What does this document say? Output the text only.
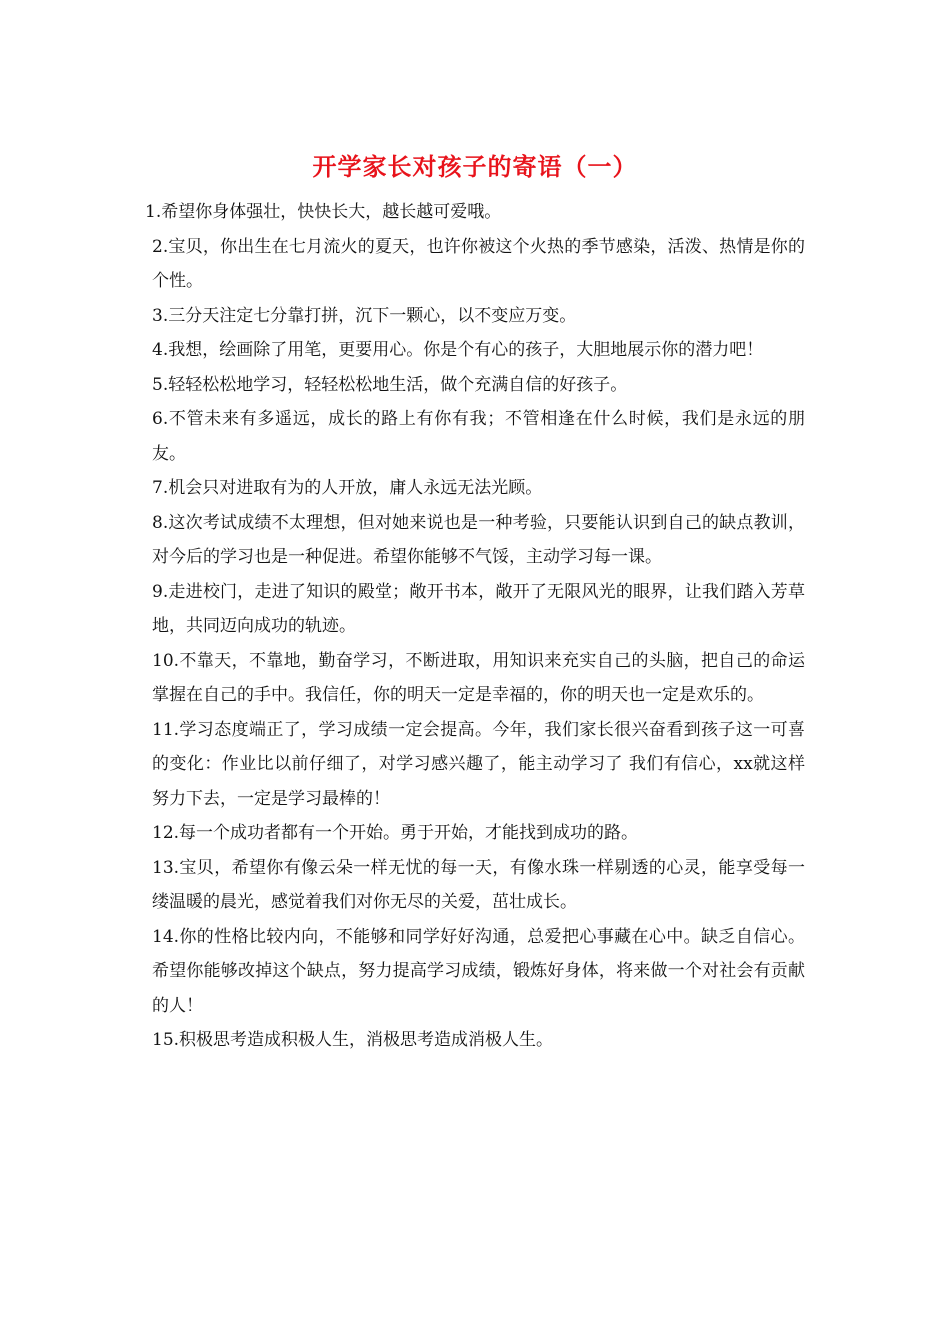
开学家长对孩子的寄语（一）

1.希望你身体强壮，快快长大，越长越可爱哦。

2.宝贝，你出生在七月流火的夏天，也许你被这个火热的季节感染，活泼、热情是你的个性。

3.三分天注定七分靠打拼，沉下一颗心，以不变应万变。

4.我想，绘画除了用笔，更要用心。你是个有心的孩子，大胆地展示你的潜力吧！

5.轻轻松松地学习，轻轻松松地生活，做个充满自信的好孩子。

6.不管未来有多遥远，成长的路上有你有我；不管相逢在什么时候，我们是永远的朋友。

7.机会只对进取有为的人开放，庸人永远无法光顾。

8.这次考试成绩不太理想，但对她来说也是一种考验，只要能认识到自己的缺点教训，对今后的学习也是一种促进。希望你能够不气馁，主动学习每一课。

9.走进校门，走进了知识的殿堂；敞开书本，敞开了无限风光的眼界，让我们踏入芳草地，共同迈向成功的轨迹。

10.不靠天，不靠地，勤奋学习，不断进取，用知识来充实自己的头脑，把自己的命运掌握在自己的手中。我信任，你的明天一定是幸福的，你的明天也一定是欢乐的。

11.学习态度端正了，学习成绩一定会提高。今年，我们家长很兴奋看到孩子这一可喜的变化：作业比以前仔细了，对学习感兴趣了，能主动学习了 我们有信心，xx就这样努力下去，一定是学习最棒的！

12.每一个成功者都有一个开始。勇于开始，才能找到成功的路。

13.宝贝，希望你有像云朵一样无忧的每一天，有像水珠一样剔透的心灵，能享受每一缕温暖的晨光，感觉着我们对你无尽的关爱，茁壮成长。

14.你的性格比较内向，不能够和同学好好沟通，总爱把心事藏在心中。缺乏自信心。希望你能够改掉这个缺点，努力提高学习成绩，锻炼好身体，将来做一个对社会有贡献的人！

15.积极思考造成积极人生，消极思考造成消极人生。
